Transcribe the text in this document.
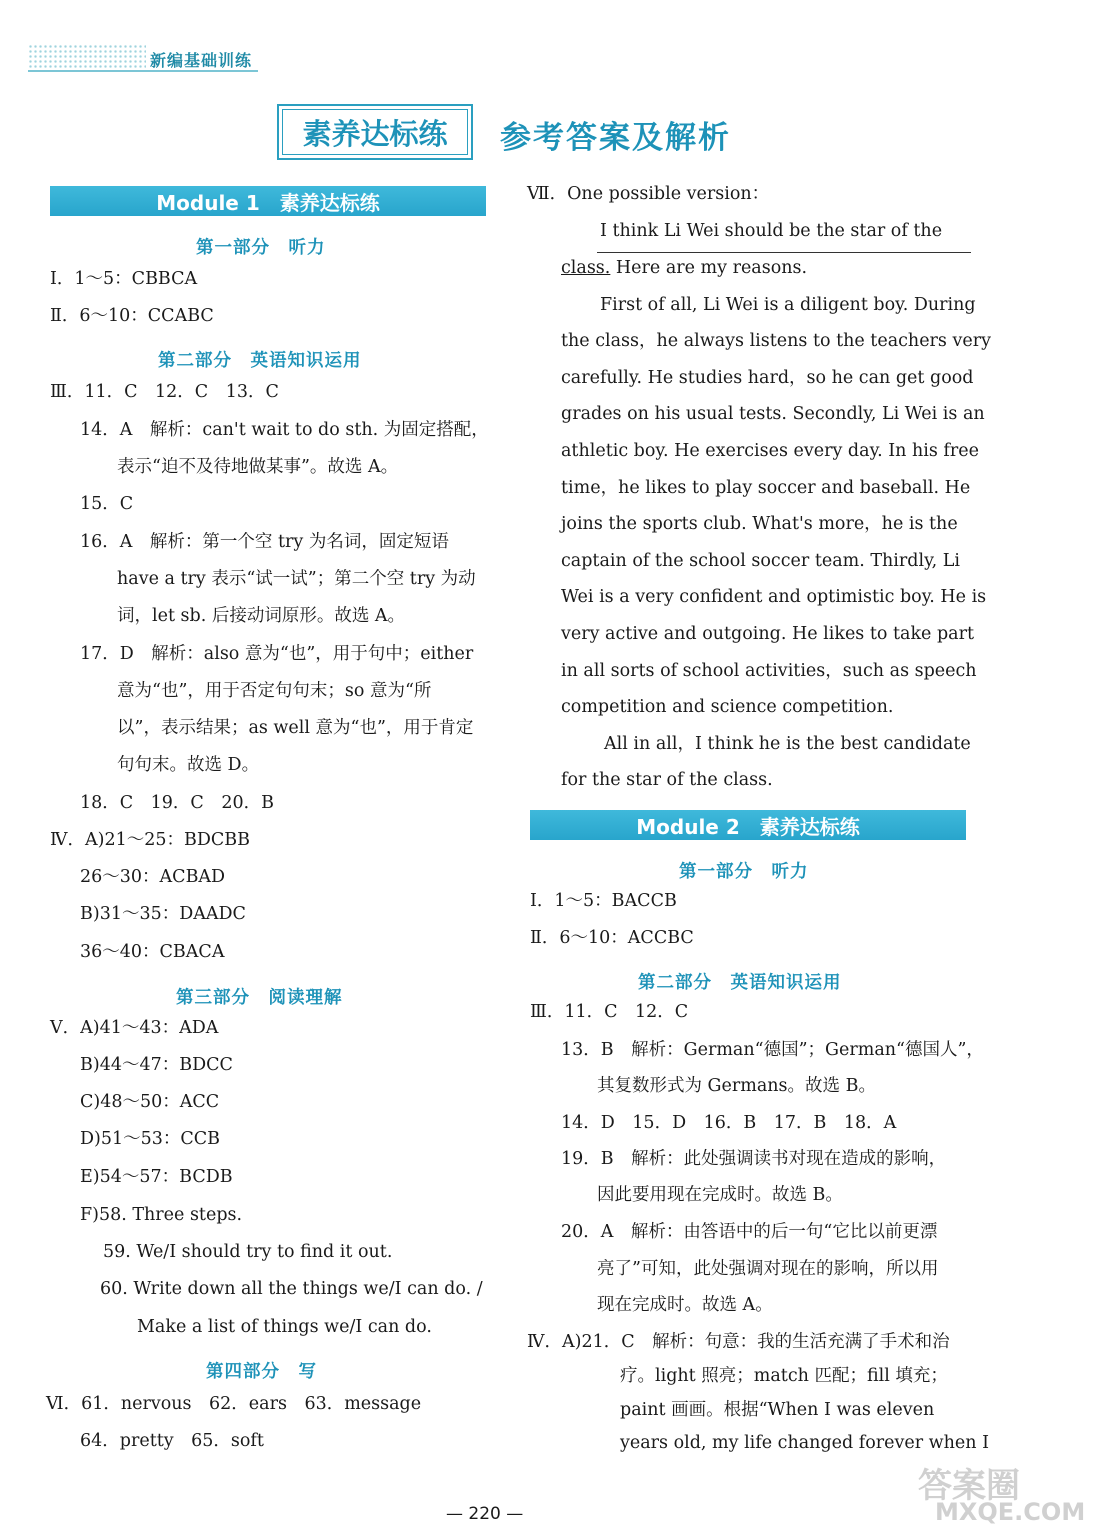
新编基础训练
素养达标练	参考答案及解析
Module 1　素养达标练
第一部分　听力
Ⅰ．1～5：CBBCA
Ⅱ．6～10：CCABC
第二部分　英语知识运用
Ⅲ．11．C　12．C　13．C
14．A　解析：can't wait to do sth. 为固定搭配，
表示“迫不及待地做某事”。故选 A。
15．C
16．A　解析：第一个空 try 为名词，固定短语
have a try 表示“试一试”；第二个空 try 为动
词，let sb. 后接动词原形。故选 A。
17．D　解析：also 意为“也”，用于句中；either
意为“也”，用于否定句句末；so 意为“所
以”，表示结果；as well 意为“也”，用于肯定
句句末。故选 D。
18．C　19．C　20．B
Ⅳ．A)21～25：BDCBB
26～30：ACBAD
B)31～35：DAADC
36～40：CBACA
第三部分　阅读理解
Ⅴ．A)41～43：ADA
B)44～47：BDCC
C)48～50：ACC
D)51～53：CCB
E)54～57：BCDB
F)58. Three steps.
59. We/I should try to find it out.
60. Write down all the things we/I can do. /
Make a list of things we/I can do.
第四部分　写
Ⅵ．61．nervous　62．ears　63．message
64．pretty　65．soft
Ⅶ．One possible version：
I think Li Wei should be the star of the
class. Here are my reasons.
First of all, Li Wei is a diligent boy. During
the class，he always listens to the teachers very
carefully. He studies hard，so he can get good
grades on his usual tests. Secondly, Li Wei is an
athletic boy. He exercises every day. In his free
time，he likes to play soccer and baseball. He
joins the sports club. What's more，he is the
captain of the school soccer team. Thirdly, Li
Wei is a very confident and optimistic boy. He is
very active and outgoing. He likes to take part
in all sorts of school activities，such as speech
competition and science competition.
All in all，I think he is the best candidate
for the star of the class.
Module 2　素养达标练
第一部分　听力
Ⅰ．1～5：BACCB
Ⅱ．6～10：ACCBC
第二部分　英语知识运用
Ⅲ．11．C　12．C
13．B　解析：German“德国”；German“德国人”，
其复数形式为 Germans。故选 B。
14．D　15．D　16．B　17．B　18．A
19．B　解析：此处强调读书对现在造成的影响，
因此要用现在完成时。故选 B。
20．A　解析：由答语中的后一句“它比以前更漂
亮了”可知，此处强调对现在的影响，所以用
现在完成时。故选 A。
Ⅳ．A)21．C　解析：句意：我的生活充满了手术和治
疗。light 照亮；match 匹配；fill 填充；
paint 画画。根据“When I was eleven
years old, my life changed forever when I
— 220 —
答案圈
MXQE.COM
